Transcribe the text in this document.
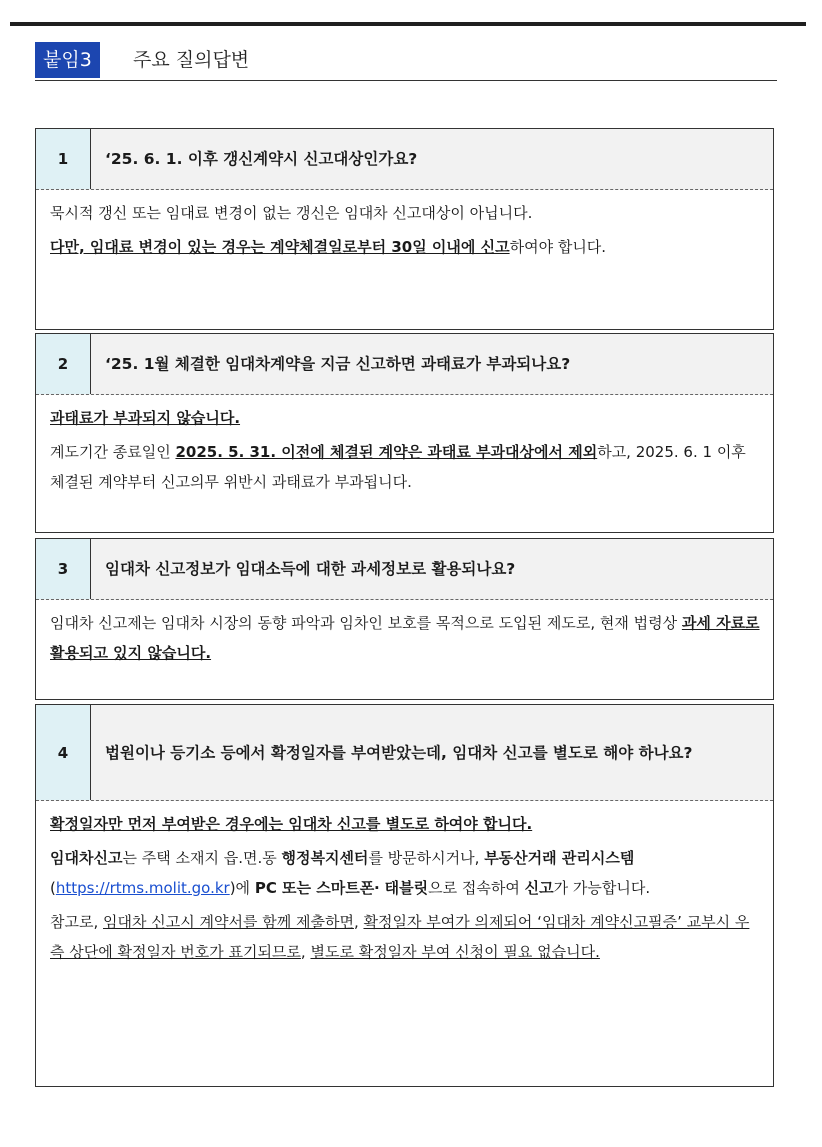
붙임3	주요 질의답변
1	‘25. 6. 1. 이후 갱신계약시 신고대상인가요?

묵시적 갱신 또는 임대료 변경이 없는 갱신은 임대차 신고대상이 아닙니다.

다만, 임대료 변경이 있는 경우는 계약체결일로부터 30일 이내에 신고하여야 합니다.

2	‘25. 1월 체결한 임대차계약을 지금 신고하면 과태료가 부과되나요?

과태료가 부과되지 않습니다.

계도기간 종료일인 2025. 5. 31. 이전에 체결된 계약은 과태료 부과대상에서 제외하고, 2025. 6. 1 이후 체결된 계약부터 신고의무 위반시 과태료가 부과됩니다.

3	임대차 신고정보가 임대소득에 대한 과세정보로 활용되나요?

임대차 신고제는 임대차 시장의 동향 파악과 임차인 보호를 목적으로 도입된 제도로, 현재 법령상 과세 자료로 활용되고 있지 않습니다.

4	법원이나 등기소 등에서 확정일자를 부여받았는데, 임대차 신고를 별도로 해야 하나요?

확정일자만 먼저 부여받은 경우에는 임대차 신고를 별도로 하여야 합니다.

임대차신고는 주택 소재지 읍.면.동 행정복지센터를 방문하시거나, 부동산거래 관리시스템(https://rtms.molit.go.kr)에 PC 또는 스마트폰‧ 태블릿으로 접속하여 신고가 가능합니다.

참고로, 임대차 신고시 계약서를 함께 제출하면, 확정일자 부여가 의제되어 ‘임대차 계약신고필증’ 교부시 우측 상단에 확정일자 번호가 표기되므로, 별도로 확정일자 부여 신청이 필요 없습니다.
